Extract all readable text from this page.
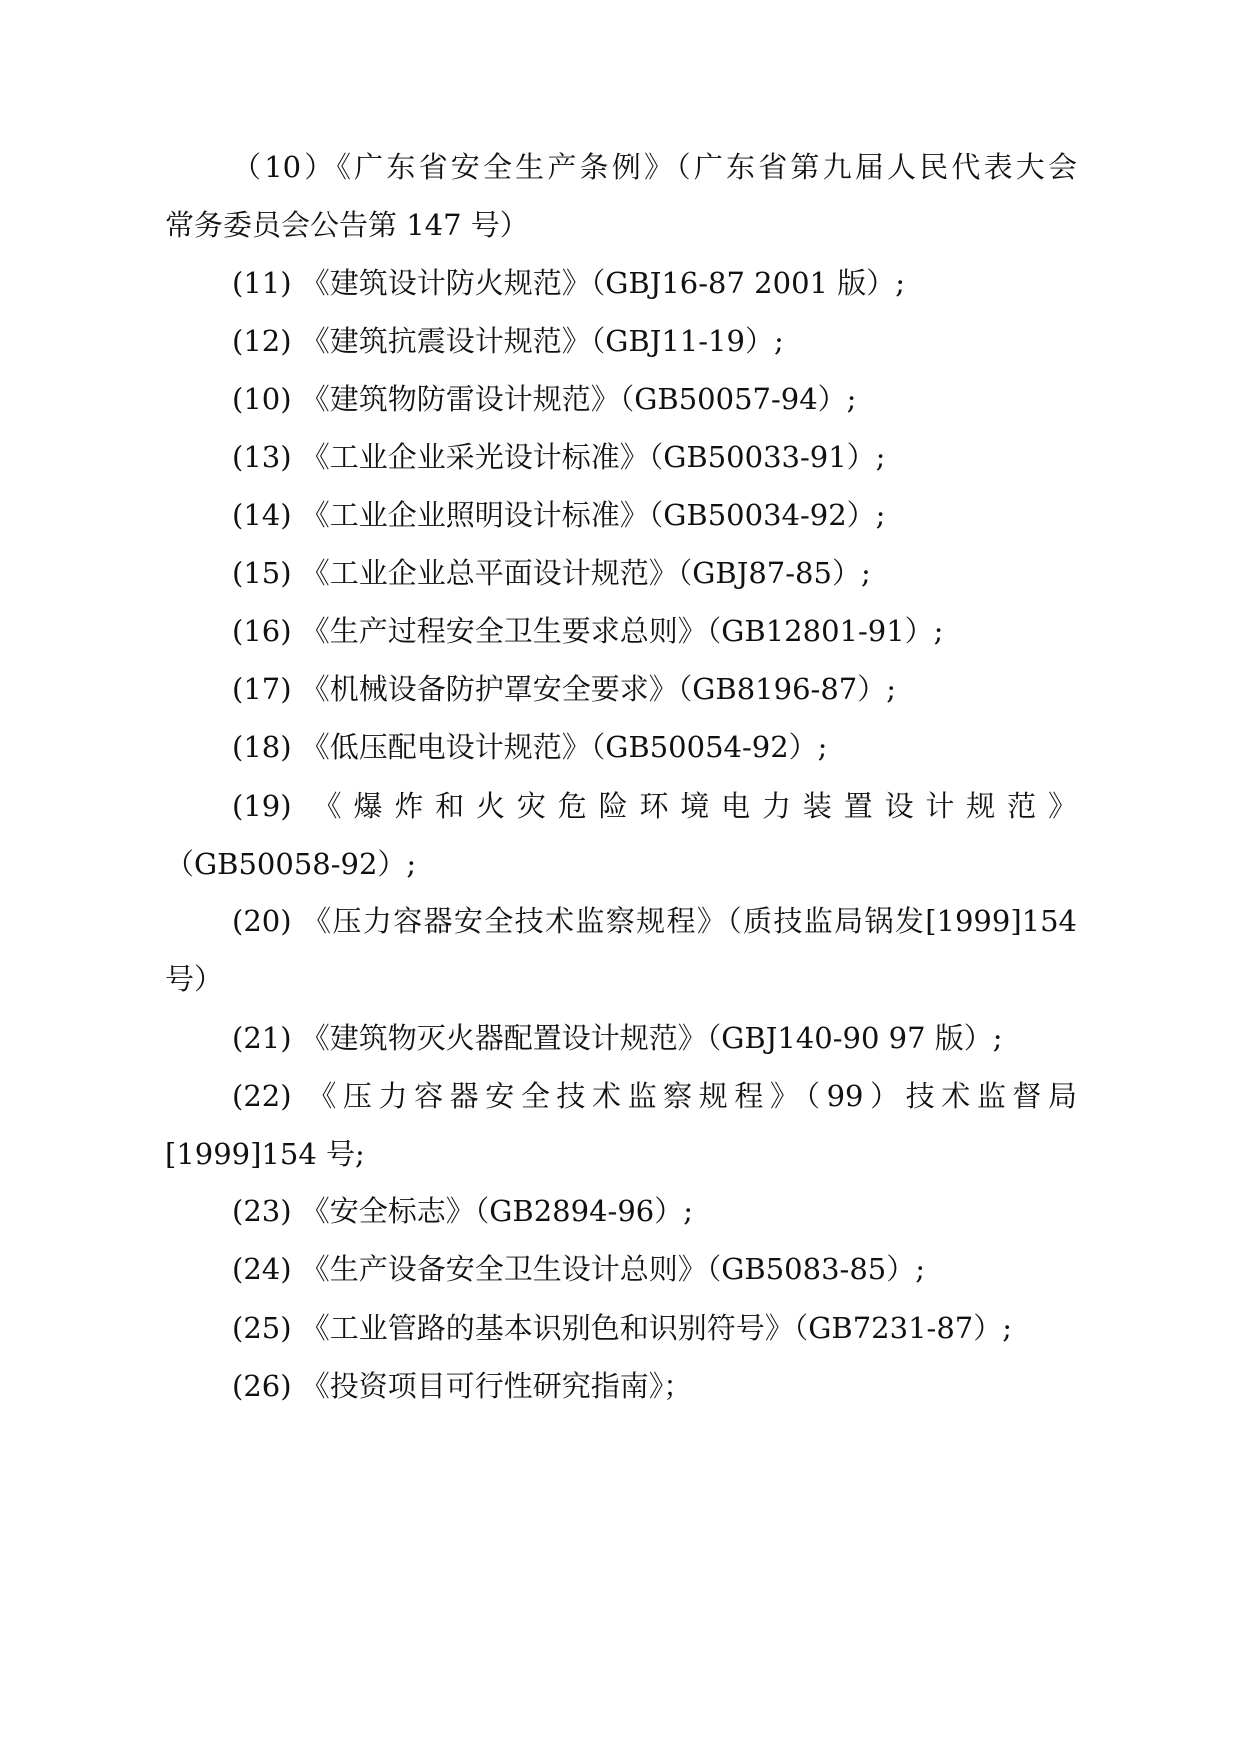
（10）《广东省安全生产条例》（广东省第九届人民代表大会
常务委员会公告第 147 号）
(11) 《建筑设计防火规范》（GBJ16-87 2001 版）;
(12) 《建筑抗震设计规范》（GBJ11-19）;
(10) 《建筑物防雷设计规范》（GB50057-94）;
(13) 《工业企业采光设计标准》（GB50033-91）;
(14) 《工业企业照明设计标准》（GB50034-92）;
(15) 《工业企业总平面设计规范》（GBJ87-85）;
(16) 《生产过程安全卫生要求总则》（GB12801-91）;
(17) 《机械设备防护罩安全要求》（GB8196-87）;
(18) 《低压配电设计规范》（GB50054-92）;
(19) 《爆炸和火灾危险环境电力装置设计规范》
（GB50058-92）;
(20) 《压力容器安全技术监察规程》（质技监局锅发[1999]154
号）
(21) 《建筑物灭火器配置设计规范》（GBJ140-90 97 版）;
(22) 《压力容器安全技术监察规程》（99）技术监督局
[1999]154 号;
(23) 《安全标志》（GB2894-96）;
(24) 《生产设备安全卫生设计总则》（GB5083-85）;
(25) 《工业管路的基本识别色和识别符号》（GB7231-87）;
(26) 《投资项目可行性研究指南》；
